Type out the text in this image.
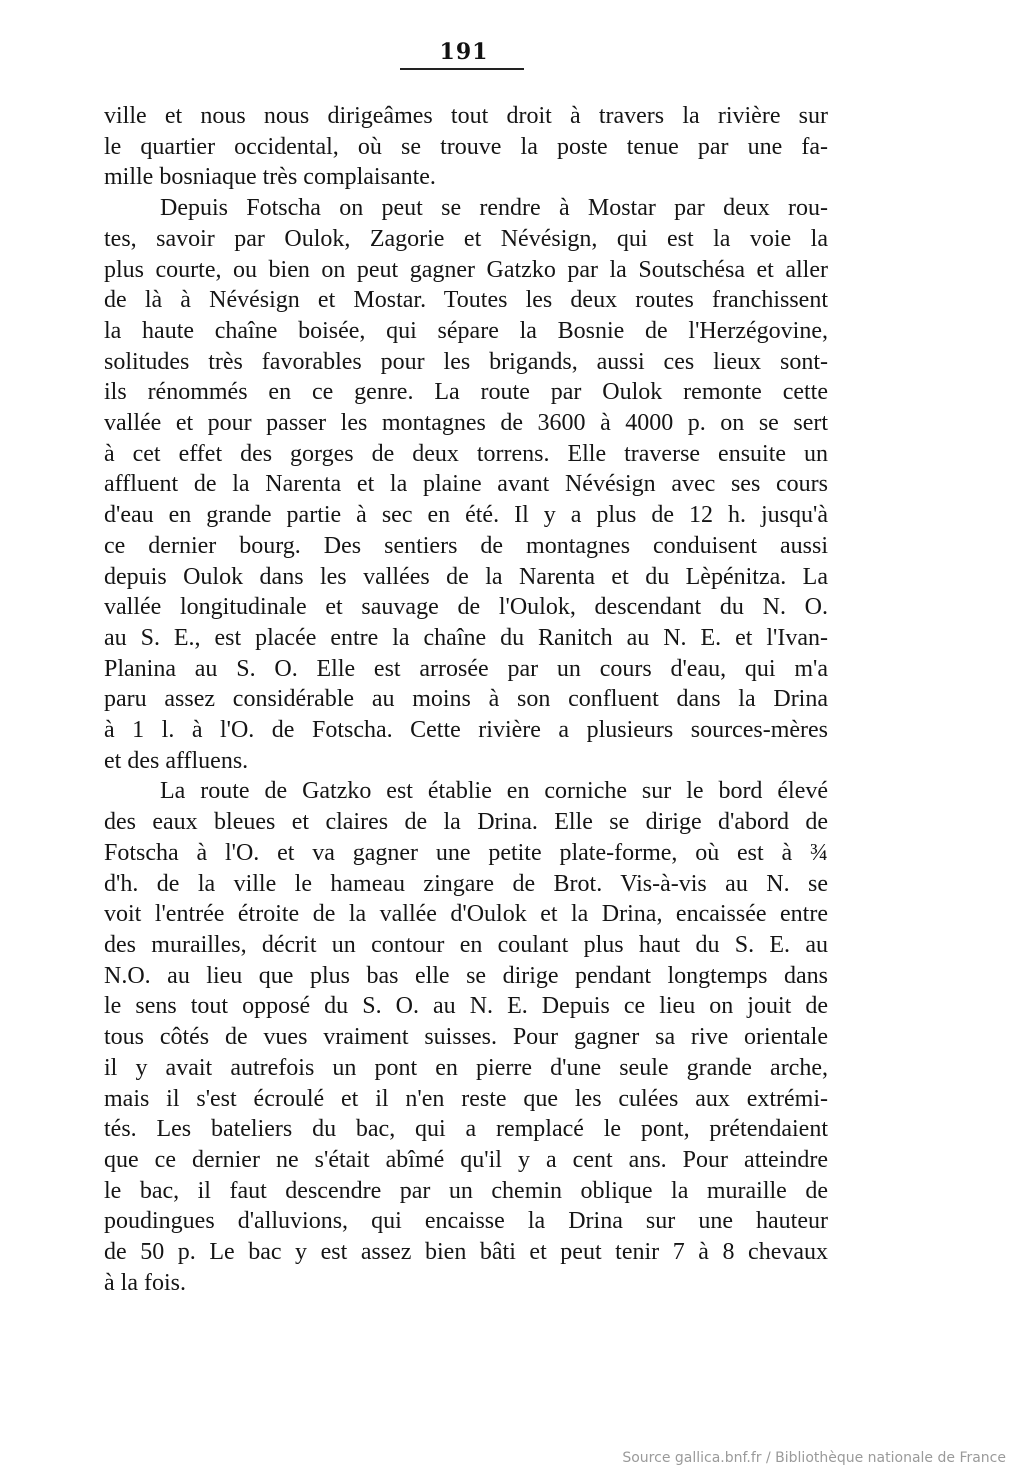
191
ville et nous nous dirigeâmes tout droit à travers la rivière sur
le quartier occidental, où se trouve la poste tenue par une fa-
mille bosniaque très complaisante.
Depuis Fotscha on peut se rendre à Mostar par deux rou-
tes, savoir par Oulok, Zagorie et Névésign, qui est la voie la
plus courte, ou bien on peut gagner Gatzko par la Soutschésa et aller
de là à Névésign et Mostar. Toutes les deux routes franchissent
la haute chaîne boisée, qui sépare la Bosnie de l'Herzégovine,
solitudes très favorables pour les brigands, aussi ces lieux sont-
ils rénommés en ce genre. La route par Oulok remonte cette
vallée et pour passer les montagnes de 3600 à 4000 p. on se sert
à cet effet des gorges de deux torrens. Elle traverse ensuite un
affluent de la Narenta et la plaine avant Névésign avec ses cours
d'eau en grande partie à sec en été. Il y a plus de 12 h. jusqu'à
ce dernier bourg. Des sentiers de montagnes conduisent aussi
depuis Oulok dans les vallées de la Narenta et du Lèpénitza. La
vallée longitudinale et sauvage de l'Oulok, descendant du N. O.
au S. E., est placée entre la chaîne du Ranitch au N. E. et l'Ivan-
Planina au S. O. Elle est arrosée par un cours d'eau, qui m'a
paru assez considérable au moins à son confluent dans la Drina
à 1 l. à l'O. de Fotscha. Cette rivière a plusieurs sources-mères
et des affluens.
La route de Gatzko est établie en corniche sur le bord élevé
des eaux bleues et claires de la Drina. Elle se dirige d'abord de
Fotscha à l'O. et va gagner une petite plate-forme, où est à ¾
d'h. de la ville le hameau zingare de Brot. Vis-à-vis au N. se
voit l'entrée étroite de la vallée d'Oulok et la Drina, encaissée entre
des murailles, décrit un contour en coulant plus haut du S. E. au
N.O. au lieu que plus bas elle se dirige pendant longtemps dans
le sens tout opposé du S. O. au N. E. Depuis ce lieu on jouit de
tous côtés de vues vraiment suisses. Pour gagner sa rive orientale
il y avait autrefois un pont en pierre d'une seule grande arche,
mais il s'est écroulé et il n'en reste que les culées aux extrémi-
tés. Les bateliers du bac, qui a remplacé le pont, prétendaient
que ce dernier ne s'était abîmé qu'il y a cent ans. Pour atteindre
le bac, il faut descendre par un chemin oblique la muraille de
poudingues d'alluvions, qui encaisse la Drina sur une hauteur
de 50 p. Le bac y est assez bien bâti et peut tenir 7 à 8 chevaux
à la fois.
Source gallica.bnf.fr / Bibliothèque nationale de France
